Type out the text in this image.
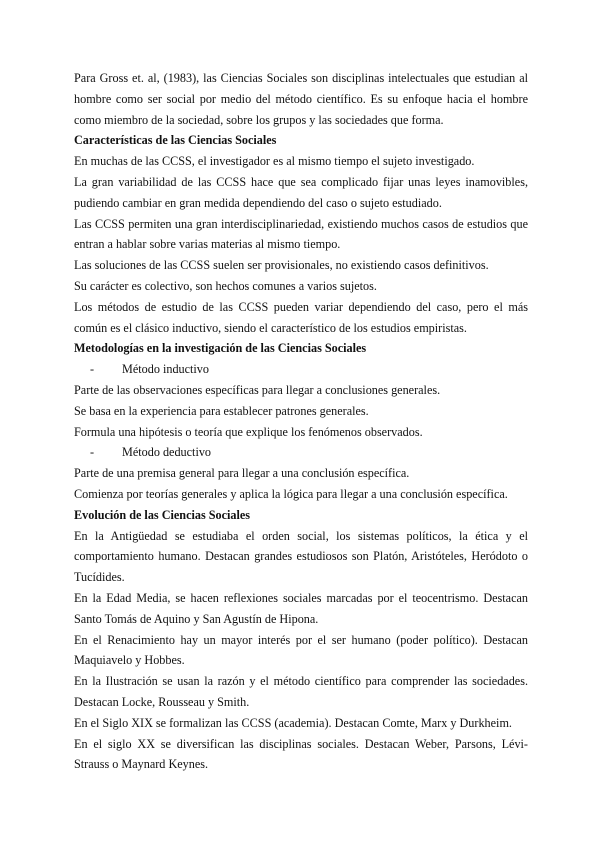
Para Gross et. al, (1983), las Ciencias Sociales son disciplinas intelectuales que estudian al hombre como ser social por medio del método científico. Es su enfoque hacia el hombre como miembro de la sociedad, sobre los grupos y las sociedades que forma.

Características de las Ciencias Sociales

En muchas de las CCSS, el investigador es al mismo tiempo el sujeto investigado.

La gran variabilidad de las CCSS hace que sea complicado fijar unas leyes inamovibles, pudiendo cambiar en gran medida dependiendo del caso o sujeto estudiado.

Las CCSS permiten una gran interdisciplinariedad, existiendo muchos casos de estudios que entran a hablar sobre varias materias al mismo tiempo.

Las soluciones de las CCSS suelen ser provisionales, no existiendo casos definitivos.

Su carácter es colectivo, son hechos comunes a varios sujetos.

Los métodos de estudio de las CCSS pueden variar dependiendo del caso, pero el más común es el clásico inductivo, siendo el característico de los estudios empiristas.

Metodologías en la investigación de las Ciencias Sociales
-	Método inductivo

Parte de las observaciones específicas para llegar a conclusiones generales.

Se basa en la experiencia para establecer patrones generales.

Formula una hipótesis o teoría que explique los fenómenos observados.

-	Método deductivo

Parte de una premisa general para llegar a una conclusión específica.

Comienza por teorías generales y aplica la lógica para llegar a una conclusión específica.

Evolución de las Ciencias Sociales

En la Antigüedad se estudiaba el orden social, los sistemas políticos, la ética y el comportamiento humano. Destacan grandes estudiosos son Platón, Aristóteles, Heródoto o Tucídides.

En la Edad Media, se hacen reflexiones sociales marcadas por el teocentrismo. Destacan Santo Tomás de Aquino y San Agustín de Hipona.

En el Renacimiento hay un mayor interés por el ser humano (poder político). Destacan Maquiavelo y Hobbes.

En la Ilustración se usan la razón y el método científico para comprender las sociedades. Destacan Locke, Rousseau y Smith.

En el Siglo XIX se formalizan las CCSS (academia). Destacan Comte, Marx y Durkheim.

En el siglo XX se diversifican las disciplinas sociales. Destacan Weber, Parsons, Lévi-Strauss o Maynard Keynes.
